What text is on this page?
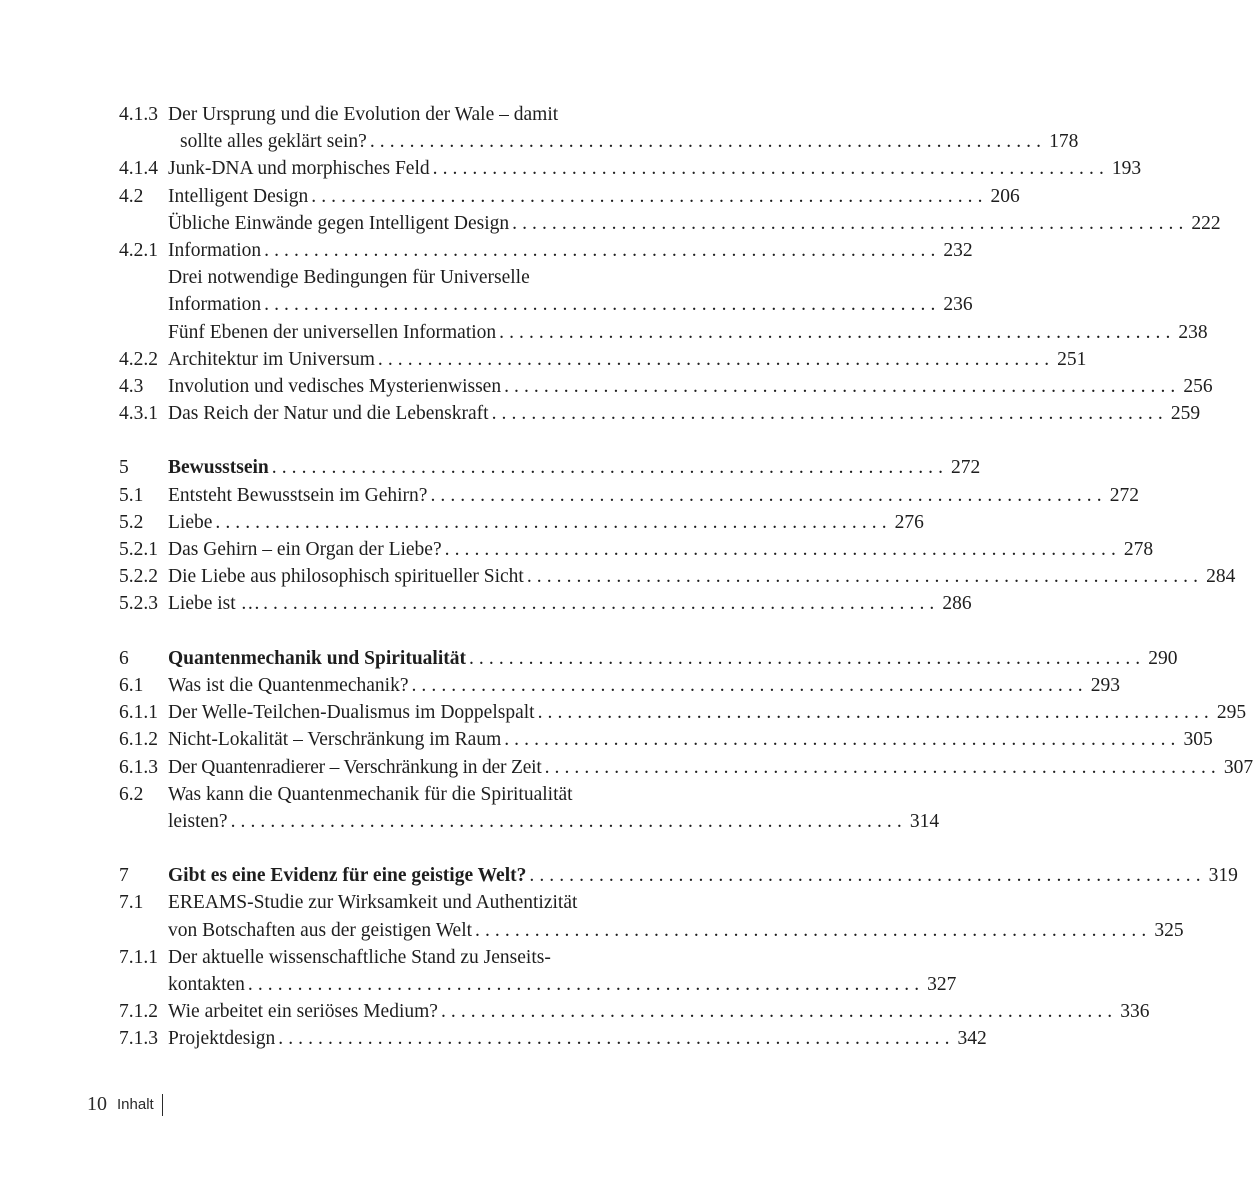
4.1.3 Der Ursprung und die Evolution der Wale – damit
sollte alles geklärt sein? .................................................................... 178
4.1.4 Junk-DNA und morphisches Feld .................................................................... 193
4.2	Intelligent Design .................................................................... 206
Übliche Einwände gegen Intelligent Design .................................................................... 222
4.2.1 Information .................................................................... 232
Drei notwendige Bedingungen für Universelle
Information .................................................................... 236
Fünf Ebenen der universellen Information .................................................................... 238
4.2.2 Architektur im Universum .................................................................... 251
4.3	Involution und vedisches Mysterienwissen .................................................................... 256
4.3.1 Das Reich der Natur und die Lebenskraft .................................................................... 259
5	Bewusstsein .................................................................... 272
5.1	Entsteht Bewusstsein im Gehirn? .................................................................... 272
5.2	Liebe .................................................................... 276
5.2.1 Das Gehirn – ein Organ der Liebe? .................................................................... 278
5.2.2 Die Liebe aus philosophisch spiritueller Sicht .................................................................... 284
5.2.3 Liebe ist … .................................................................... 286
6	Quantenmechanik und Spiritualität .................................................................... 290
6.1	Was ist die Quantenmechanik? .................................................................... 293
6.1.1 Der Welle-Teilchen-Dualismus im Doppelspalt .................................................................... 295
6.1.2 Nicht-Lokalität – Verschränkung im Raum .................................................................... 305
6.1.3 Der Quantenradierer – Verschränkung in der Zeit .................................................................... 307
6.2	Was kann die Quantenmechanik für die Spiritualität
leisten? .................................................................... 314
7	Gibt es eine Evidenz für eine geistige Welt? .................................................................... 319
7.1	EREAMS-Studie zur Wirksamkeit und Authentizität
von Botschaften aus der geistigen Welt .................................................................... 325
7.1.1 Der aktuelle wissenschaftliche Stand zu Jenseits-
kontakten .................................................................... 327
7.1.2 Wie arbeitet ein seriöses Medium? .................................................................... 336
7.1.3 Projektdesign .................................................................... 342
10 Inhalt
